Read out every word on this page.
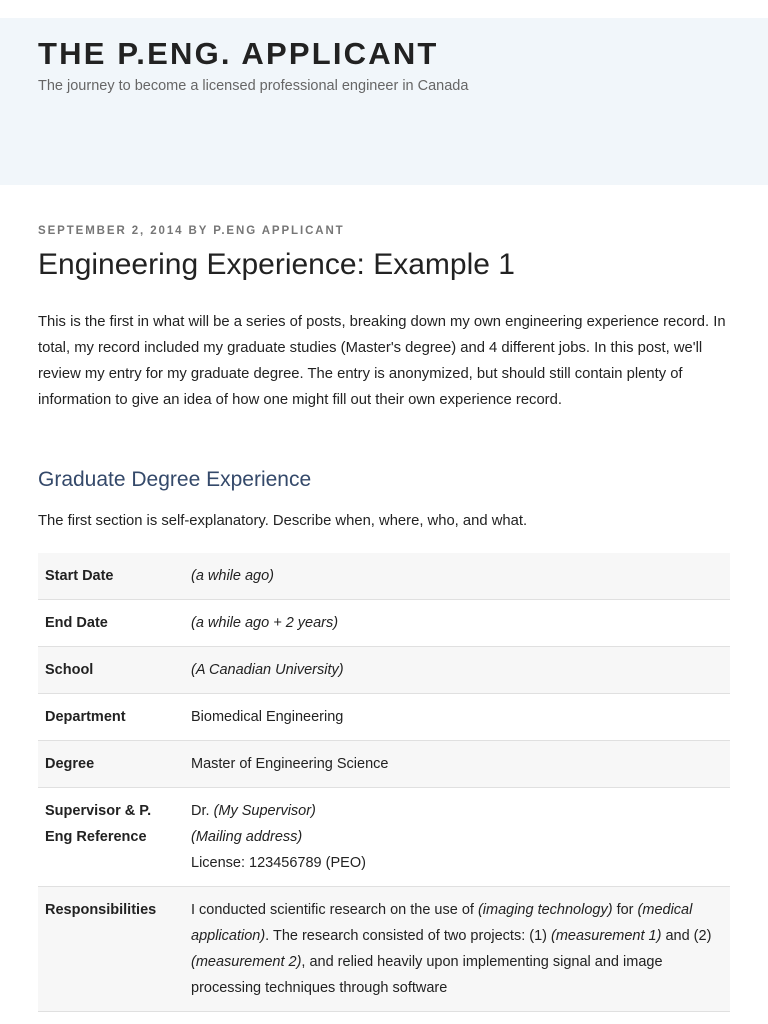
THE P.ENG. APPLICANT
The journey to become a licensed professional engineer in Canada
SEPTEMBER 2, 2014 BY P.ENG APPLICANT
Engineering Experience: Example 1

This is the first in what will be a series of posts, breaking down my own engineering experience record. In total, my record included my graduate studies (Master's degree) and 4 different jobs. In this post, we'll review my entry for my graduate degree. The entry is anonymized, but should still contain plenty of information to give an idea of how one might fill out their own experience record.

Graduate Degree Experience

The first section is self-explanatory. Describe when, where, who, and what.

Start Date	(a while ago)
End Date	(a while ago + 2 years)
School	(A Canadian University)
Department	Biomedical Engineering
Degree	Master of Engineering Science
Supervisor & P. Eng Reference	Dr. (My Supervisor)
(Mailing address)
License: 123456789 (PEO)

Responsibilities	I conducted scientific research on the use of (imaging technology) for (medical application). The research consisted of two projects: (1) (measurement 1) and (2) (measurement 2), and relied heavily upon implementing signal and image processing techniques through software
